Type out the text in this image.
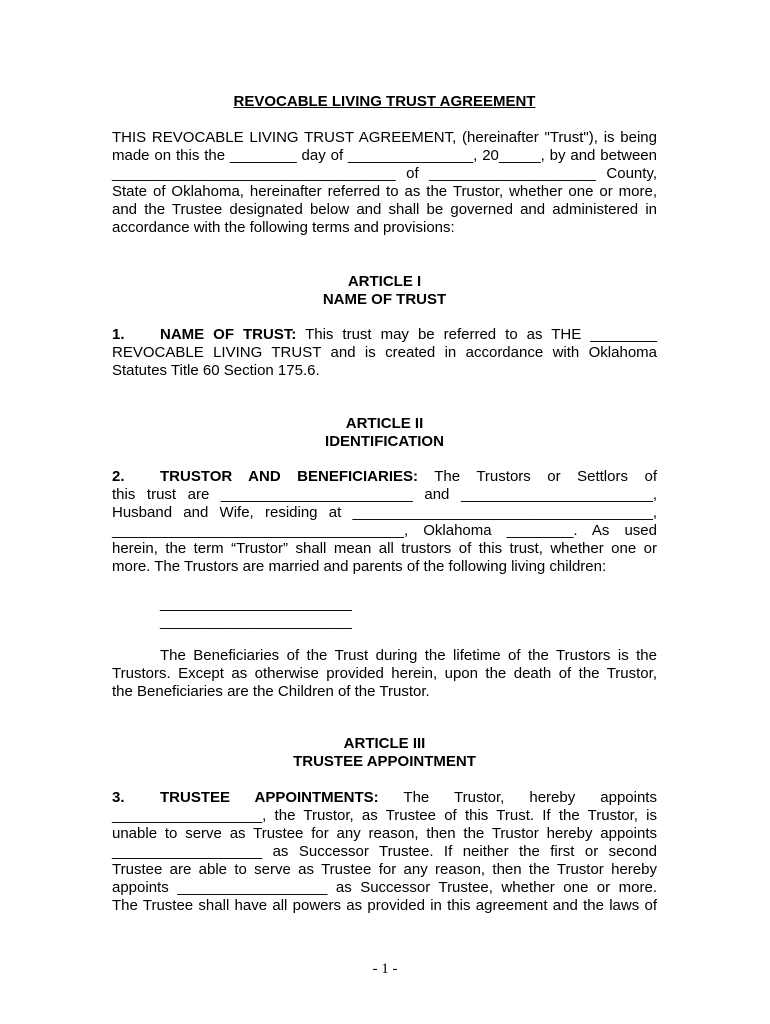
REVOCABLE LIVING TRUST AGREEMENT
THIS REVOCABLE LIVING TRUST AGREEMENT, (hereinafter "Trust"), is being
made on this the ________ day of _______________, 20_____, by and between
__________________________________ of ____________________ County,
State of Oklahoma, hereinafter referred to as the Trustor, whether one or more,
and the Trustee designated below and shall be governed and administered in
accordance with the following terms and provisions:
ARTICLE I
NAME OF TRUST
1. NAME OF TRUST: This trust may be referred to as THE ________
REVOCABLE LIVING TRUST and is created in accordance with Oklahoma
Statutes Title 60 Section 175.6.
ARTICLE II
IDENTIFICATION
2. TRUSTOR AND BENEFICIARIES: The Trustors or Settlors of
this trust are _______________________ and _______________________,
Husband and Wife, residing at ____________________________________,
___________________________________, Oklahoma ________. As used
herein, the term “Trustor” shall mean all trustors of this trust, whether one or
more. The Trustors are married and parents of the following living children:
_______________________
_______________________
The Beneficiaries of the Trust during the lifetime of the Trustors is the
Trustors. Except as otherwise provided herein, upon the death of the Trustor,
the Beneficiaries are the Children of the Trustor.
ARTICLE III
TRUSTEE APPOINTMENT
3. TRUSTEE APPOINTMENTS: The Trustor, hereby appoints
__________________, the Trustor, as Trustee of this Trust. If the Trustor, is
unable to serve as Trustee for any reason, then the Trustor hereby appoints
__________________ as Successor Trustee. If neither the first or second
Trustee are able to serve as Trustee for any reason, then the Trustor hereby
appoints __________________ as Successor Trustee, whether one or more.
The Trustee shall have all powers as provided in this agreement and the laws of
- 1 -
